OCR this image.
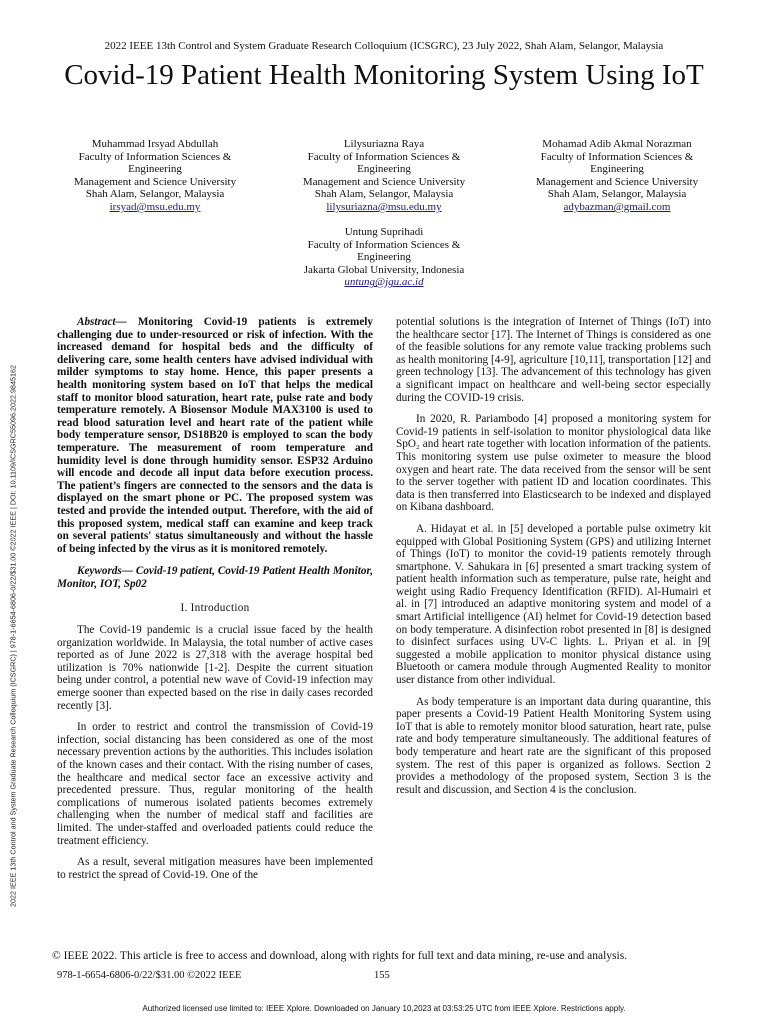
2022 IEEE 13th Control and System Graduate Research Colloquium (ICSGRC), 23 July 2022, Shah Alam, Selangor, Malaysia
Covid-19 Patient Health Monitoring System Using IoT
Muhammad Irsyad Abdullah
Faculty of Information Sciences &
Engineering
Management and Science University
Shah Alam, Selangor, Malaysia
irsyad@msu.edu.my
Lilysuriazna Raya
Faculty of Information Sciences &
Engineering
Management and Science University
Shah Alam, Selangor, Malaysia
lilysuriazna@msu.edu.my
Mohamad Adib Akmal Norazman
Faculty of Information Sciences &
Engineering
Management and Science University
Shah Alam, Selangor, Malaysia
adybazman@gmail.com
Untung Suprihadi
Faculty of Information Sciences &
Engineering
Jakarta Global University, Indonesia
untung@jgu.ac.id
2022 IEEE 13th Control and System Graduate Research Colloquium (ICSGRC) | 978-1-6654-6806-0/22/$31.00 ©2022 IEEE | DOI: 10.1109/ICSGRC55096.2022.9845162

Abstract— Monitoring Covid-19 patients is extremely challenging due to under-resourced or risk of infection. With the increased demand for hospital beds and the difficulty of delivering care, some health centers have advised individual with milder symptoms to stay home. Hence, this paper presents a health monitoring system based on IoT that helps the medical staff to monitor blood saturation, heart rate, pulse rate and body temperature remotely. A Biosensor Module MAX3100 is used to read blood saturation level and heart rate of the patient while body temperature sensor, DS18B20 is employed to scan the body temperature. The measurement of room temperature and humidity level is done through humidity sensor. ESP32 Arduino will encode and decode all input data before execution process. The patient’s fingers are connected to the sensors and the data is displayed on the smart phone or PC. The proposed system was tested and provide the intended output. Therefore, with the aid of this proposed system, medical staff can examine and keep track on several patients' status simultaneously and without the hassle of being infected by the virus as it is monitored remotely.

Keywords— Covid-19 patient, Covid-19 Patient Health Monitor, Monitor, IOT, Sp02

I. Introduction

The Covid-19 pandemic is a crucial issue faced by the health organization worldwide. In Malaysia, the total number of active cases reported as of June 2022 is 27,318 with the average hospital bed utilization is 70% nationwide [1-2]. Despite the current situation being under control, a potential new wave of Covid-19 infection may emerge sooner than expected based on the rise in daily cases recorded recently [3].

In order to restrict and control the transmission of Covid-19 infection, social distancing has been considered as one of the most necessary prevention actions by the authorities. This includes isolation of the known cases and their contact. With the rising number of cases, the healthcare and medical sector face an excessive activity and precedented pressure. Thus, regular monitoring of the health complications of numerous isolated patients becomes extremely challenging when the number of medical staff and facilities are limited. The under-staffed and overloaded patients could reduce the treatment efficiency.

As a result, several mitigation measures have been implemented to restrict the spread of Covid-19. One of the

potential solutions is the integration of Internet of Things (IoT) into the healthcare sector [17]. The Internet of Things is considered as one of the feasible solutions for any remote value tracking problems such as health monitoring [4-9], agriculture [10,11], transportation [12] and green technology [13]. The advancement of this technology has given a significant impact on healthcare and well-being sector especially during the COVID-19 crisis.

In 2020, R. Pariambodo [4] proposed a monitoring system for Covid-19 patients in self-isolation to monitor physiological data like SpO₂ and heart rate together with location information of the patients. This monitoring system use pulse oximeter to measure the blood oxygen and heart rate. The data received from the sensor will be sent to the server together with patient ID and location coordinates. This data is then transferred into Elasticsearch to be indexed and displayed on Kibana dashboard.

A. Hidayat et al. in [5] developed a portable pulse oximetry kit equipped with Global Positioning System (GPS) and utilizing Internet of Things (IoT) to monitor the covid-19 patients remotely through smartphone. V. Sahukara in [6] presented a smart tracking system of patient health information such as temperature, pulse rate, height and weight using Radio Frequency Identification (RFID). Al-Humairi et al. in [7] introduced an adaptive monitoring system and model of a smart Artificial intelligence (AI) helmet for Covid-19 detection based on body temperature. A disinfection robot presented in [8] is designed to disinfect surfaces using UV-C lights. L. Priyan et al. in [9[ suggested a mobile application to monitor physical distance using Bluetooth or camera module through Augmented Reality to monitor user distance from other individual.

As body temperature is an important data during quarantine, this paper presents a Covid-19 Patient Health Monitoring System using IoT that is able to remotely monitor blood saturation, heart rate, pulse rate and body temperature simultaneously. The additional features of body temperature and heart rate are the significant of this proposed system. The rest of this paper is organized as follows. Section 2 provides a methodology of the proposed system, Section 3 is the result and discussion, and Section 4 is the conclusion.

© IEEE 2022. This article is free to access and download, along with rights for full text and data mining, re-use and analysis.
978-1-6654-6806-0/22/$31.00 ©2022 IEEE	155
Authorized licensed use limited to: IEEE Xplore. Downloaded on January 10,2023 at 03:53:25 UTC from IEEE Xplore. Restrictions apply.
